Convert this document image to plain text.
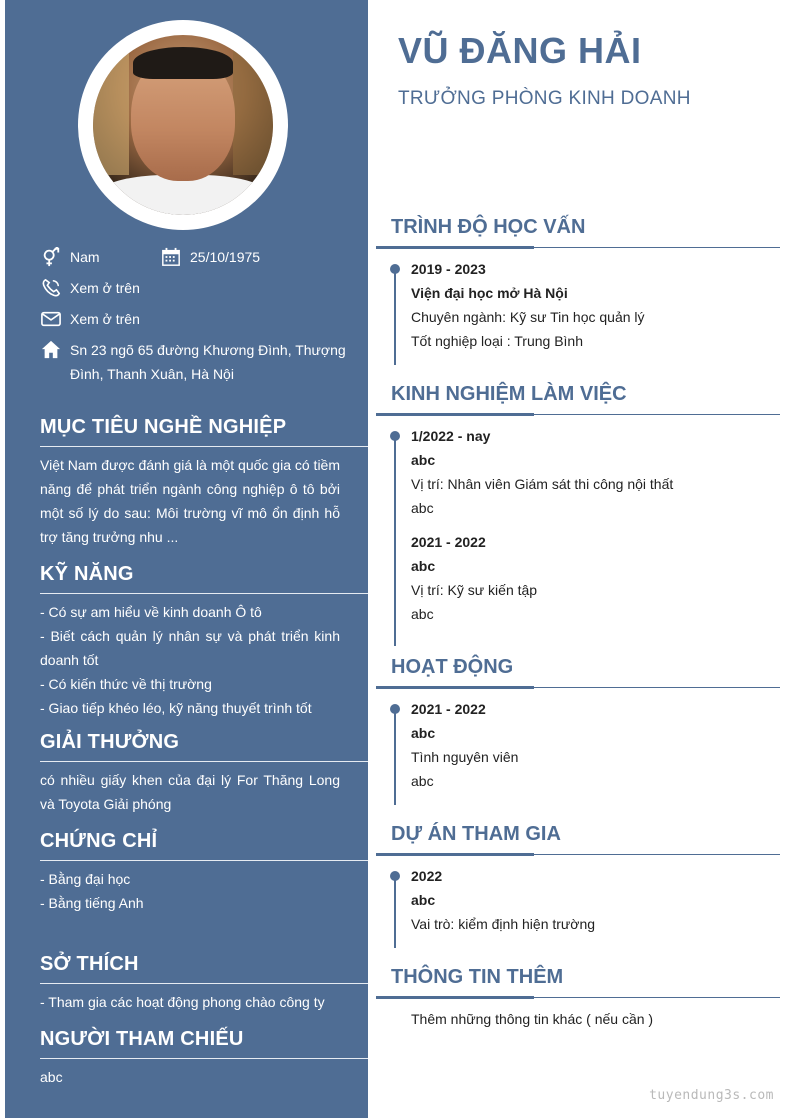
Nam	25/10/1975
Xem ở trên
Xem ở trên
Sn 23 ngõ 65 đường Khương Đình, Thượng
Đình, Thanh Xuân, Hà Nội
MỤC TIÊU NGHỀ NGHIỆP
Việt Nam được đánh giá là một quốc gia có tiềm năng để phát triển ngành công nghiệp ô tô bởi một số lý do sau: Môi trường vĩ mô ổn định hỗ trợ tăng trưởng nhu ...
KỸ NĂNG
- Có sự am hiểu về kinh doanh Ô tô
- Biết cách quản lý nhân sự và phát triển kinh doanh tốt
- Có kiến thức về thị trường
- Giao tiếp khéo léo, kỹ năng thuyết trình tốt
GIẢI THƯỞNG
có nhiều giấy khen của đại lý For Thăng Long và Toyota Giải phóng
CHỨNG CHỈ
- Bằng đại học
- Bằng tiếng Anh
SỞ THÍCH
- Tham gia các hoạt động phong chào công ty
NGƯỜI THAM CHIẾU
abc
VŨ ĐĂNG HẢI
TRƯỞNG PHÒNG KINH DOANH
TRÌNH ĐỘ HỌC VẤN
2019 - 2023
Viện đại học mở Hà Nội
Chuyên ngành: Kỹ sư Tin học quản lý
Tốt nghiệp loại : Trung Bình
KINH NGHIỆM LÀM VIỆC
1/2022 - nay
abc
Vị trí: Nhân viên Giám sát thi công nội thất
abc
2021 - 2022
abc
Vị trí: Kỹ sư kiến tập
abc
HOẠT ĐỘNG
2021 - 2022
abc
Tình nguyên viên
abc
DỰ ÁN THAM GIA
2022
abc
Vai trò: kiểm định hiện trường
THÔNG TIN THÊM
Thêm những thông tin khác ( nếu cần )
tuyendung3s.com
